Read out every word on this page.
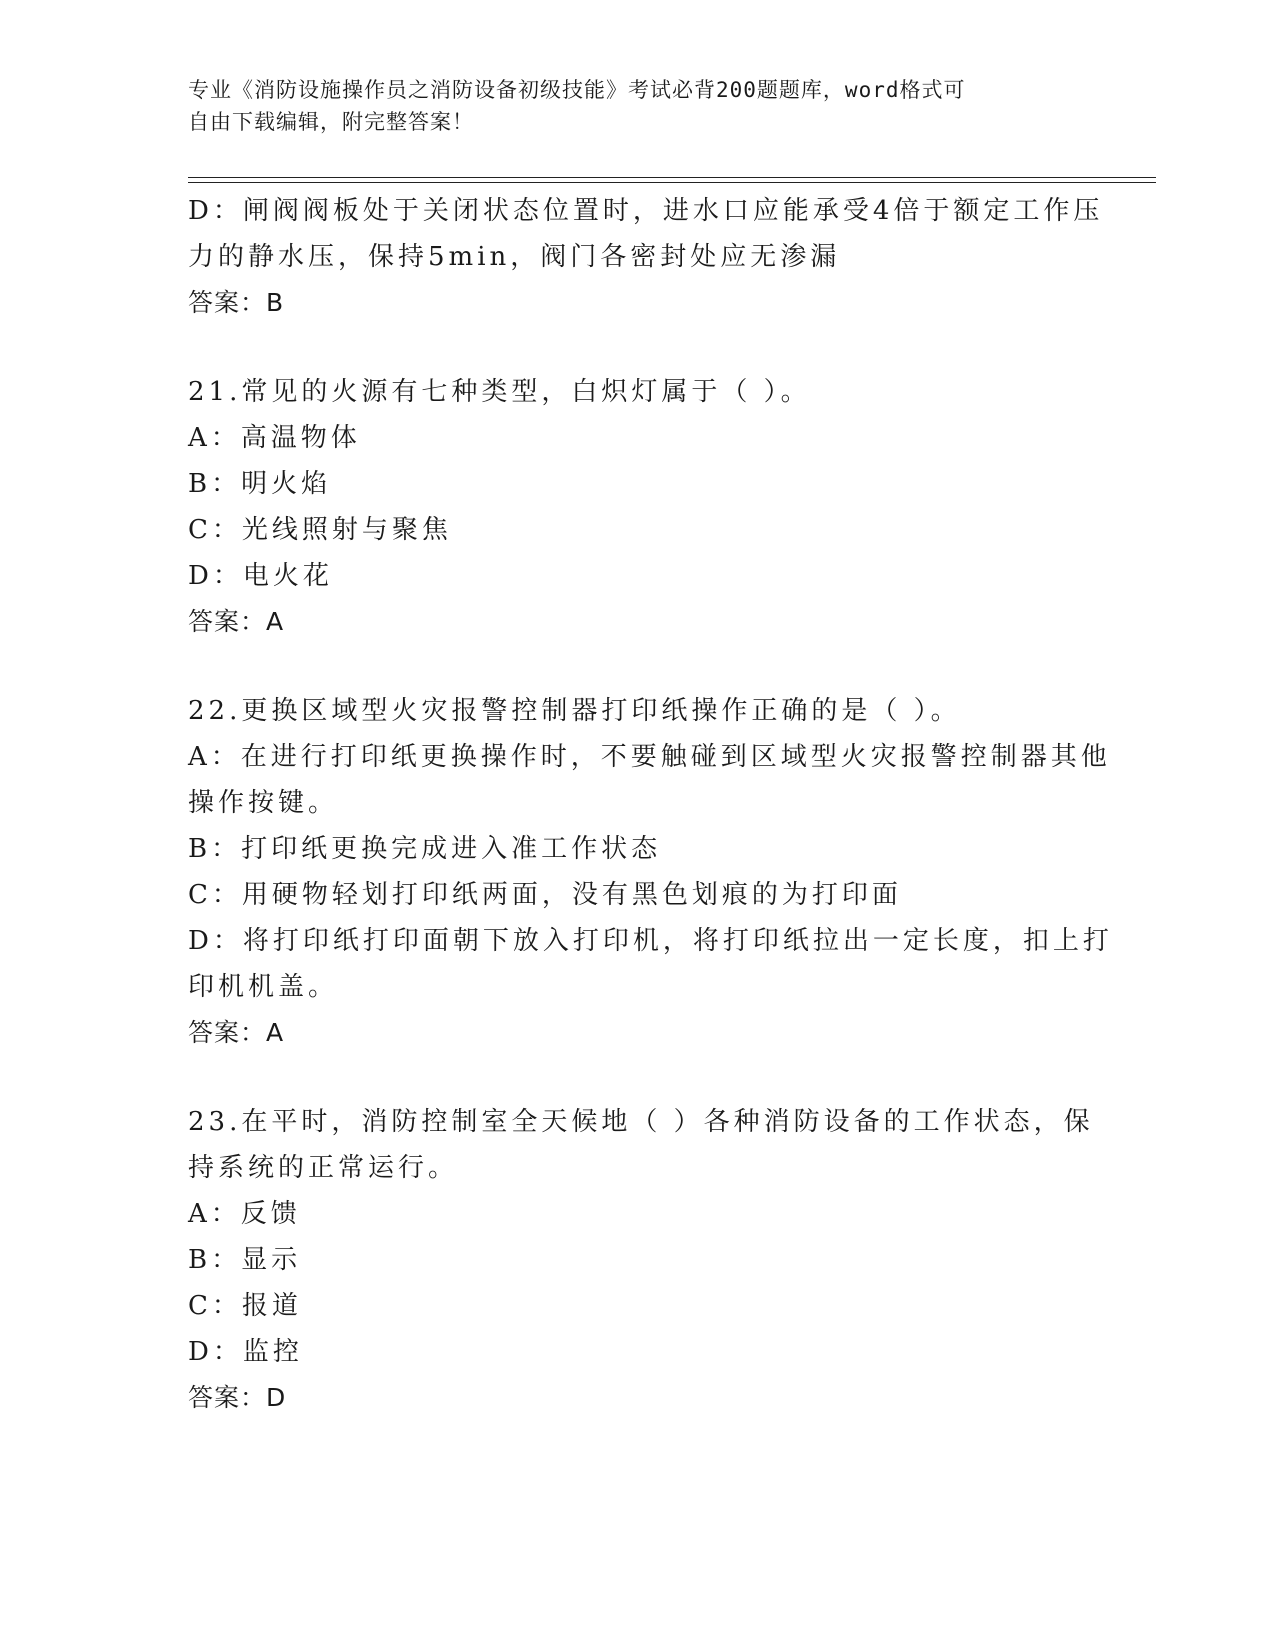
专业《消防设施操作员之消防设备初级技能》考试必背200题题库，word格式可
自由下载编辑，附完整答案！
D：闸阀阀板处于关闭状态位置时，进水口应能承受4倍于额定工作压
力的静水压，保持5min，阀门各密封处应无渗漏
答案：B
21.常见的火源有七种类型，白炽灯属于（ ）。
A：高温物体
B：明火焰
C：光线照射与聚焦
D：电火花
答案：A
22.更换区域型火灾报警控制器打印纸操作正确的是（ ）。
A：在进行打印纸更换操作时，不要触碰到区域型火灾报警控制器其他
操作按键。
B：打印纸更换完成进入准工作状态
C：用硬物轻划打印纸两面，没有黑色划痕的为打印面
D：将打印纸打印面朝下放入打印机，将打印纸拉出一定长度，扣上打
印机机盖。
答案：A
23.在平时，消防控制室全天候地（ ）各种消防设备的工作状态，保
持系统的正常运行。
A：反馈
B：显示
C：报道
D：监控
答案：D
